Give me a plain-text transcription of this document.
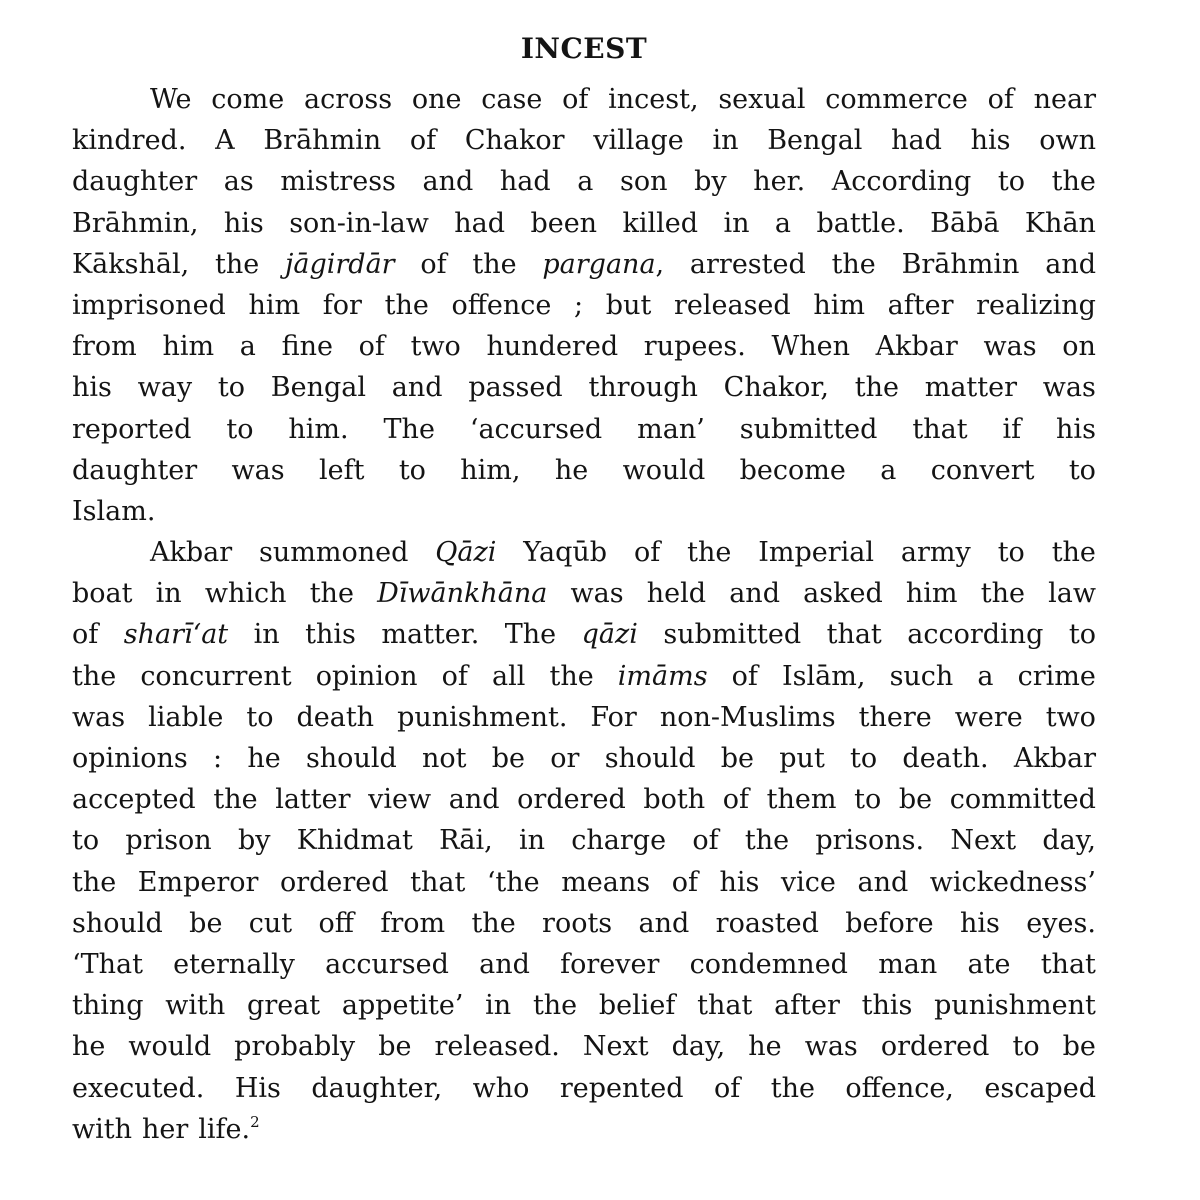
INCEST
We come across one case of incest, sexual commerce of near
kindred. A Brāhmin of Chakor village in Bengal had his own
daughter as mistress and had a son by her. According to the
Brāhmin, his son-in-law had been killed in a battle. Bābā Khān
Kākshāl, the jāgirdār of the pargana, arrested the Brāhmin and
imprisoned him for the offence ; but released him after realizing
from him a fine of two hundered rupees. When Akbar was on
his way to Bengal and passed through Chakor, the matter was
reported to him. The ‘accursed man’ submitted that if his
daughter was left to him, he would become a convert to
Islam.
Akbar summoned Qāzi Yaqūb of the Imperial army to the
boat in which the Dīwānkhāna was held and asked him the law
of sharī‘at in this matter. The qāzi submitted that according to
the concurrent opinion of all the imāms of Islām, such a crime
was liable to death punishment. For non-Muslims there were two
opinions : he should not be or should be put to death. Akbar
accepted the latter view and ordered both of them to be committed
to prison by Khidmat Rāi, in charge of the prisons. Next day,
the Emperor ordered that ‘the means of his vice and wickedness’
should be cut off from the roots and roasted before his eyes.
‘That eternally accursed and forever condemned man ate that
thing with great appetite’ in the belief that after this punishment
he would probably be released. Next day, he was ordered to be
executed. His daughter, who repented of the offence, escaped
with her life.$^2$
